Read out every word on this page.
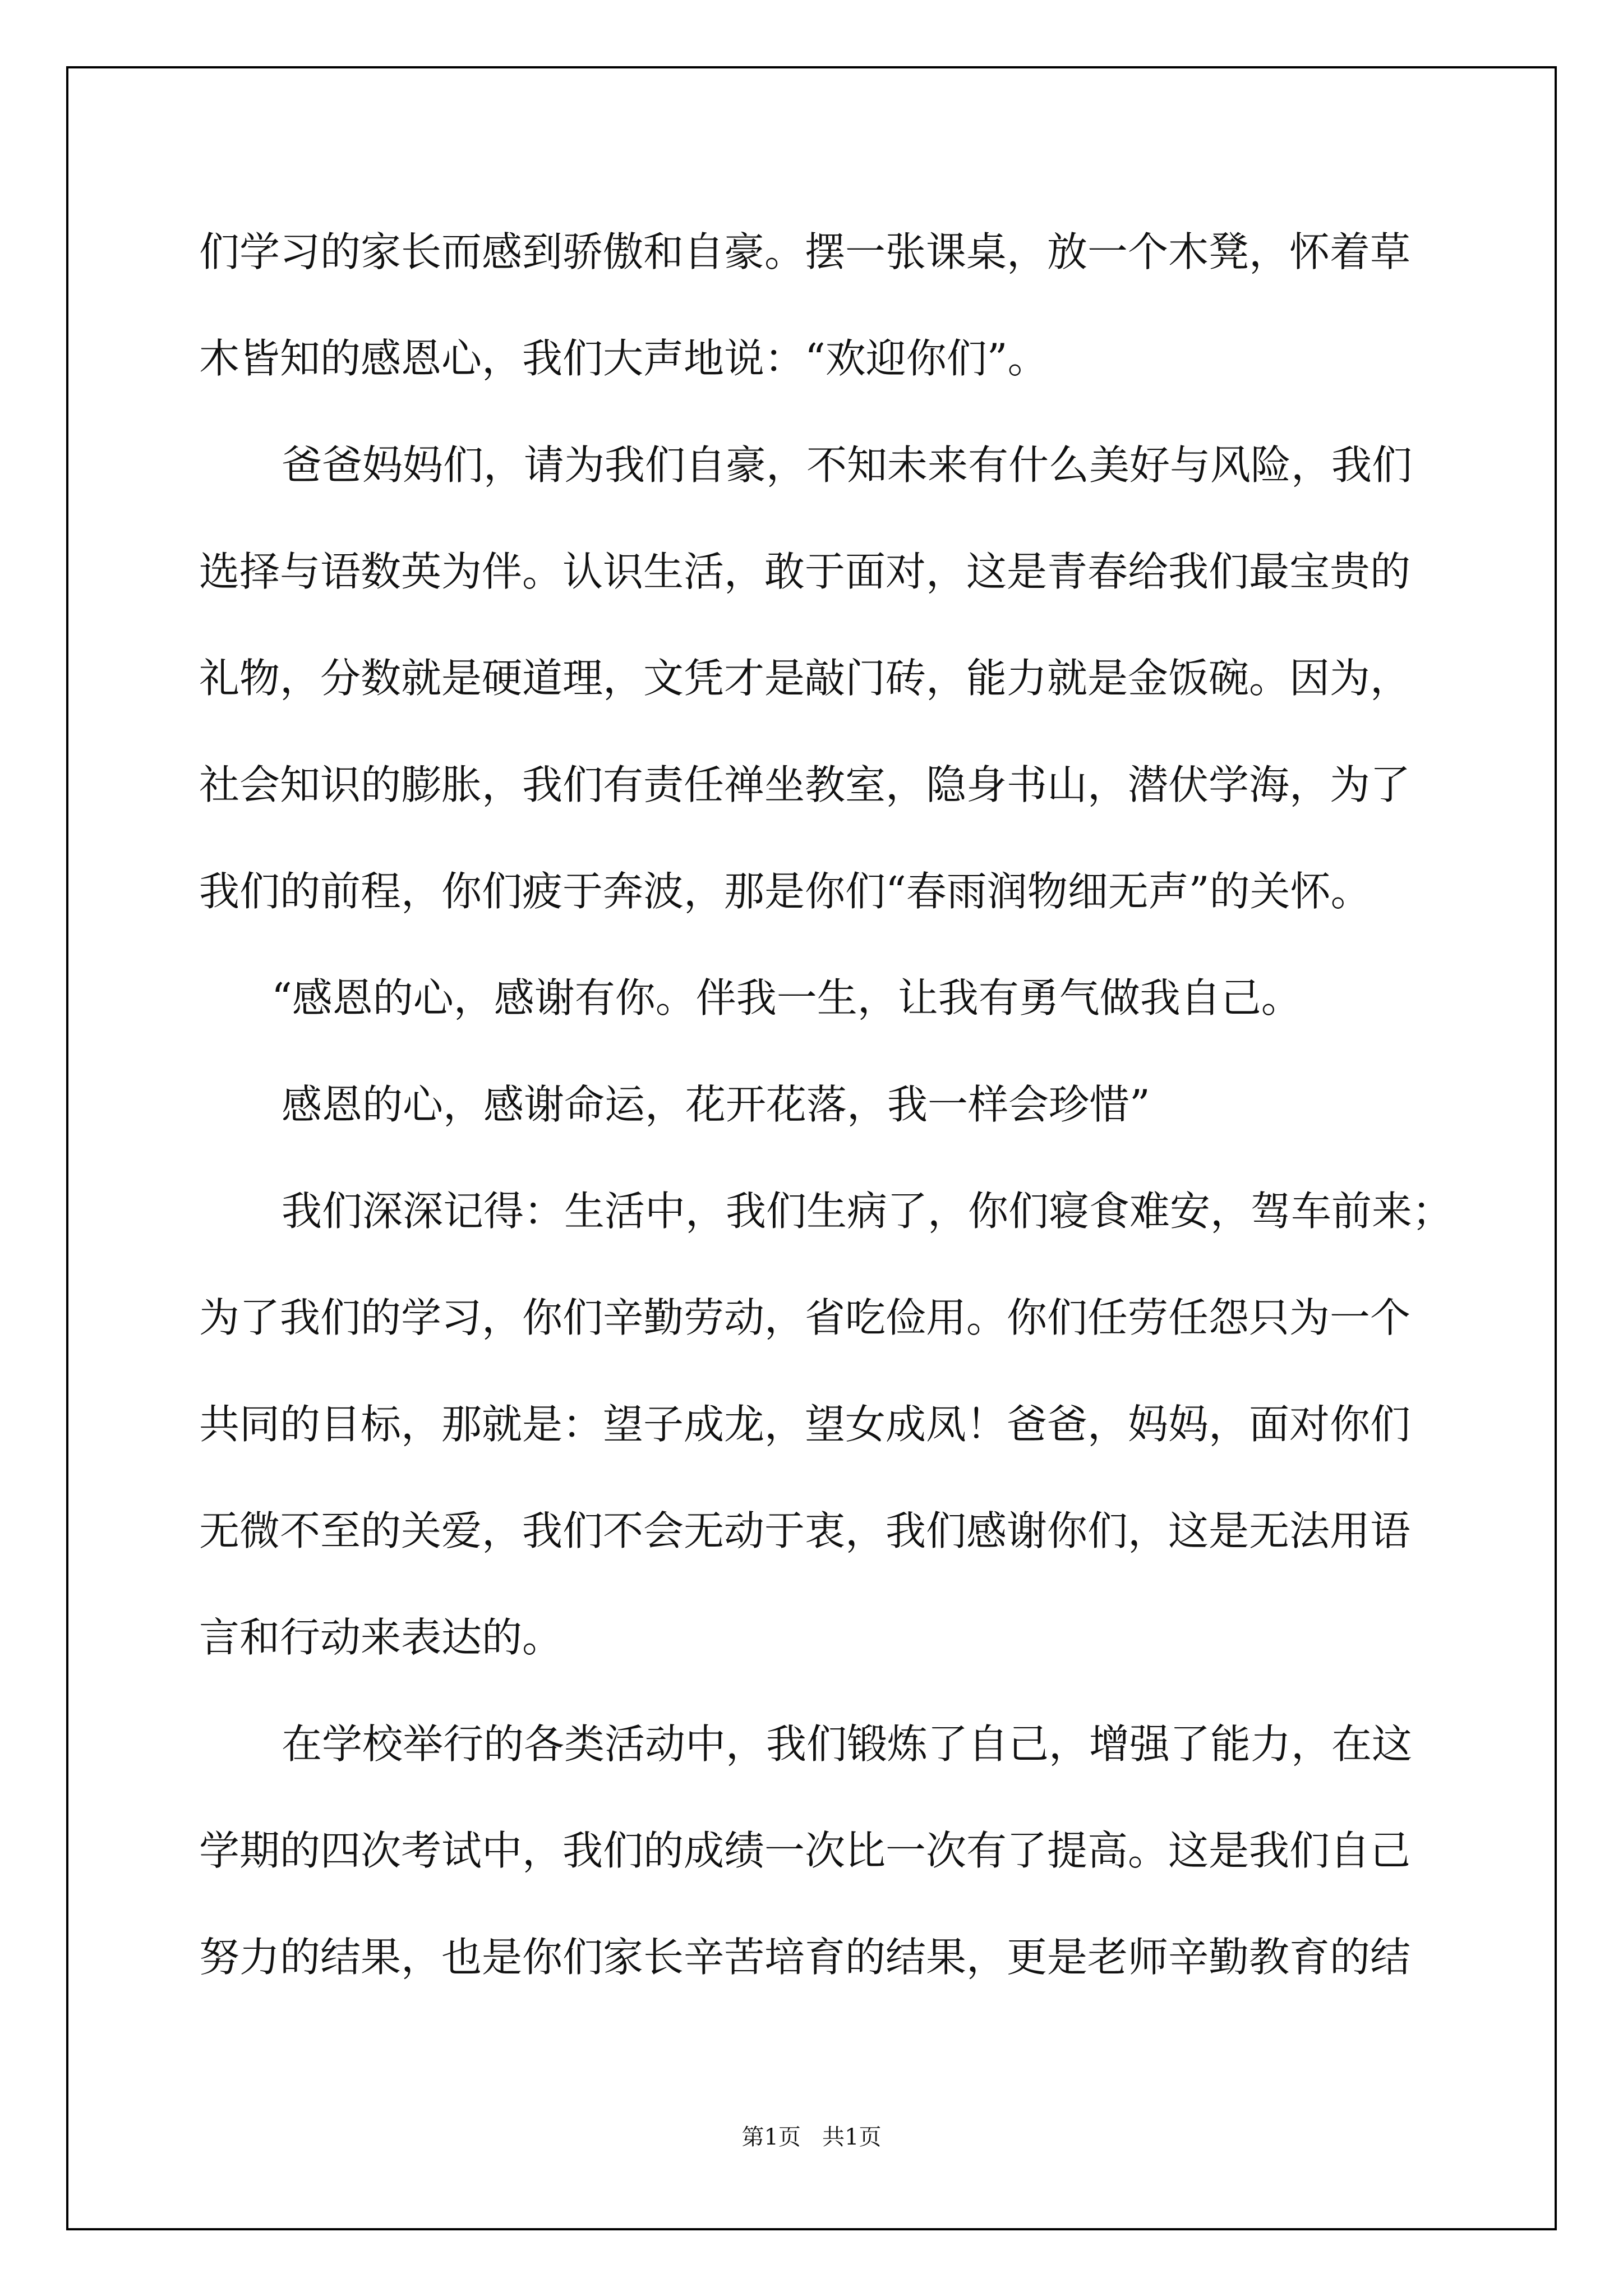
们学习的家长而感到骄傲和自豪。摆一张课桌，放一个木凳，怀着草

木皆知的感恩心，我们大声地说：“欢迎你们”。

爸爸妈妈们，请为我们自豪，不知未来有什么美好与风险，我们

选择与语数英为伴。认识生活，敢于面对，这是青春给我们最宝贵的

礼物，分数就是硬道理，文凭才是敲门砖，能力就是金饭碗。因为，

社会知识的膨胀，我们有责任禅坐教室，隐身书山，潜伏学海，为了

我们的前程，你们疲于奔波，那是你们“春雨润物细无声”的关怀。

“感恩的心，感谢有你。伴我一生，让我有勇气做我自己。

感恩的心，感谢命运，花开花落，我一样会珍惜”

我们深深记得：生活中，我们生病了，你们寝食难安，驾车前来；

为了我们的学习，你们辛勤劳动，省吃俭用。你们任劳任怨只为一个

共同的目标，那就是：望子成龙，望女成凤！爸爸，妈妈，面对你们

无微不至的关爱，我们不会无动于衷，我们感谢你们，这是无法用语

言和行动来表达的。

在学校举行的各类活动中，我们锻炼了自己，增强了能力，在这

学期的四次考试中，我们的成绩一次比一次有了提高。这是我们自己

努力的结果，也是你们家长辛苦培育的结果，更是老师辛勤教育的结

第1页   共1页
